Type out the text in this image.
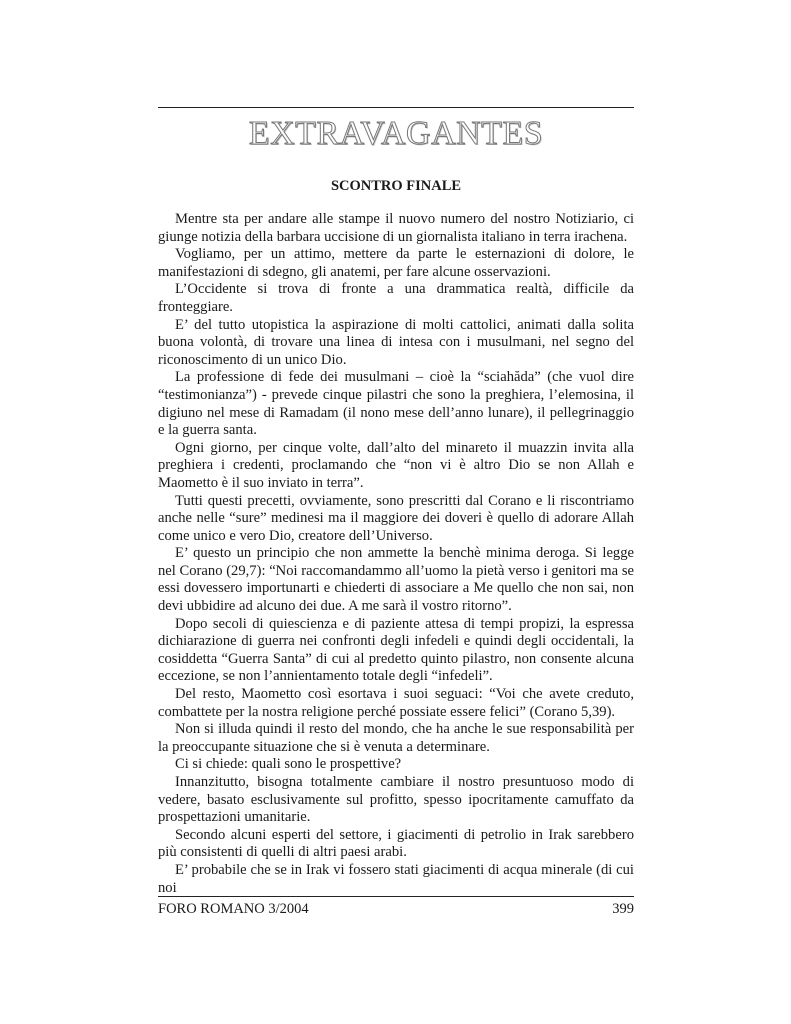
EXTRAVAGANTES
SCONTRO FINALE

Mentre sta per andare alle stampe il nuovo numero del nostro Notiziario, ci giunge notizia della barbara uccisione di un giornalista italiano in terra irachena.

Vogliamo, per un attimo, mettere da parte le esternazioni di dolore, le manifestazioni di sdegno, gli anatemi, per fare alcune osservazioni.

L’Occidente si trova di fronte a una drammatica realtà, difficile da fronteggiare.

E’ del tutto utopistica la aspirazione di molti cattolici, animati dalla solita buona volontà, di trovare una linea di intesa con i musulmani, nel segno del riconoscimento di un unico Dio.

La professione di fede dei musulmani – cioè la “sciahăda” (che vuol dire “testimonianza”) - prevede cinque pilastri che sono la preghiera, l’elemosina, il digiuno nel mese di Ramadam (il nono mese dell’anno lunare), il pellegrinaggio e la guerra santa.

Ogni giorno, per cinque volte, dall’alto del minareto il muazzin invita alla preghiera i credenti, proclamando che “non vi è altro Dio se non Allah e Maometto è il suo inviato in terra”.

Tutti questi precetti, ovviamente, sono prescritti dal Corano e li riscontriamo anche nelle “sure” medinesi ma il maggiore dei doveri è quello di adorare Allah come unico e vero Dio, creatore dell’Universo.

E’ questo un principio che non ammette la benchè minima deroga. Si legge nel Corano (29,7): “Noi raccomandammo all’uomo la pietà verso i genitori ma se essi dovessero importunarti e chiederti di associare a Me quello che non sai, non devi ubbidire ad alcuno dei due. A me sarà il vostro ritorno”.

Dopo secoli di quiescienza e di paziente attesa di tempi propizi, la espressa dichiarazione di guerra nei confronti degli infedeli e quindi degli occidentali, la cosiddetta “Guerra Santa” di cui al predetto quinto pilastro, non consente alcuna eccezione, se non l’annientamento totale degli “infedeli”.

Del resto, Maometto così esortava i suoi seguaci: “Voi che avete creduto, combattete per la nostra religione perché possiate essere felici” (Corano 5,39).

Non si illuda quindi il resto del mondo, che ha anche le sue responsabilità per la preoccupante situazione che si è venuta a determinare.

Ci si chiede: quali sono le prospettive?

Innanzitutto, bisogna totalmente cambiare il nostro presuntuoso modo di vedere, basato esclusivamente sul profitto, spesso ipocritamente camuffato da prospettazioni umanitarie.

Secondo alcuni esperti del settore, i giacimenti di petrolio in Irak sarebbero più consistenti di quelli di altri paesi arabi.

E’ probabile che se in Irak vi fossero stati giacimenti di acqua minerale (di cui noi

FORO ROMANO 3/2004	399
